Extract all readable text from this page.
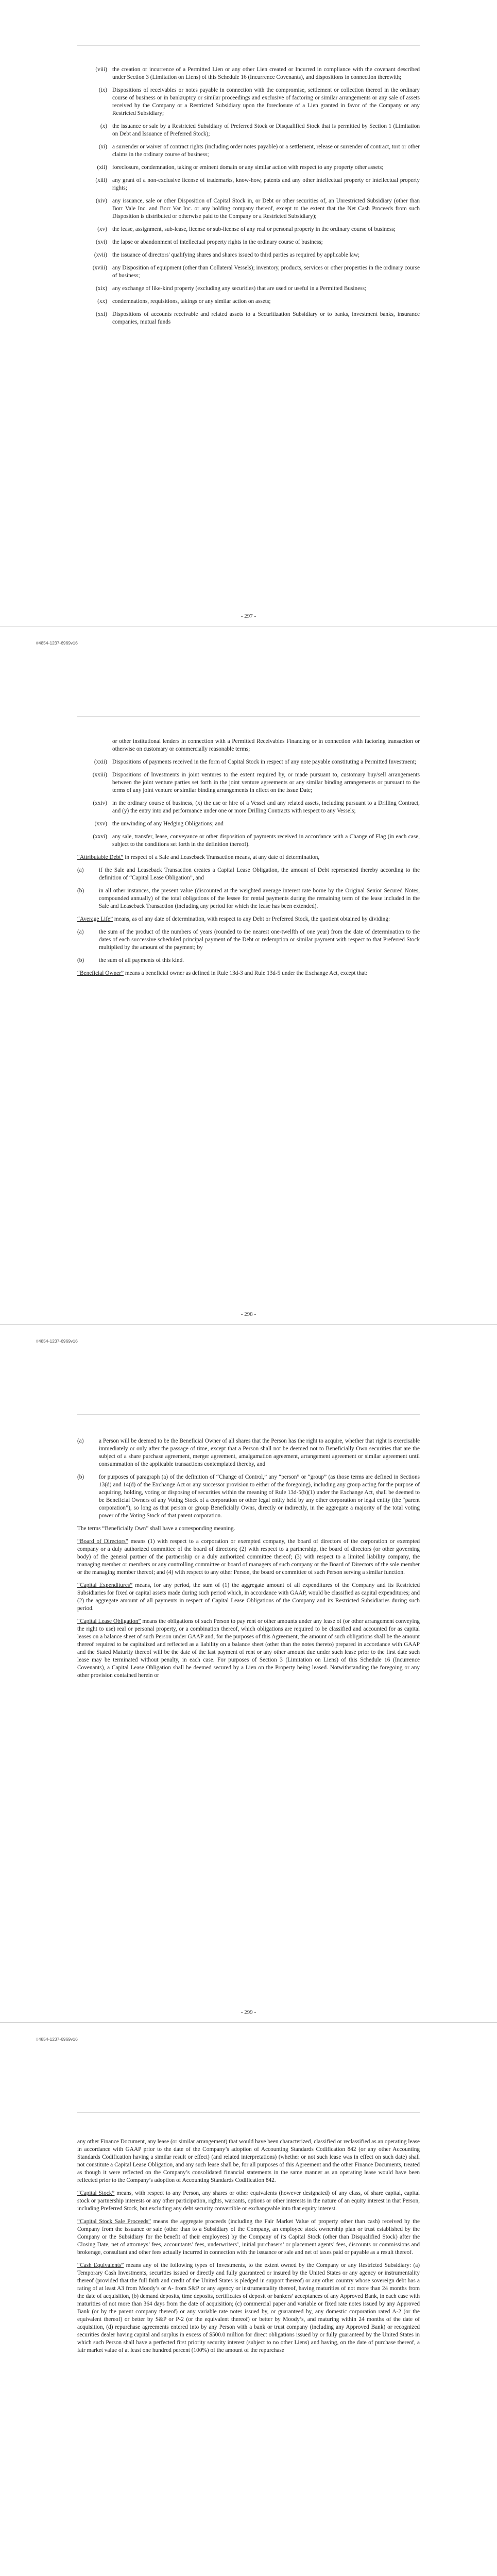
(viii) the creation or incurrence of a Permitted Lien or any other Lien created or Incurred in compliance with the covenant described under Section 3 (Limitation on Liens) of this Schedule 16 (Incurrence Covenants), and dispositions in connection therewith;
(ix) Dispositions of receivables or notes payable in connection with the compromise, settlement or collection thereof in the ordinary course of business or in bankruptcy or similar proceedings and exclusive of factoring or similar arrangements or any sale of assets received by the Company or a Restricted Subsidiary upon the foreclosure of a Lien granted in favor of the Company or any Restricted Subsidiary;
(x) the issuance or sale by a Restricted Subsidiary of Preferred Stock or Disqualified Stock that is permitted by Section 1 (Limitation on Debt and Issuance of Preferred Stock);
(xi) a surrender or waiver of contract rights (including order notes payable) or a settlement, release or surrender of contract, tort or other claims in the ordinary course of business;
(xii) foreclosure, condemnation, taking or eminent domain or any similar action with respect to any property other assets;
(xiii) any grant of a non-exclusive license of trademarks, know-how, patents and any other intellectual property or intellectual property rights;
(xiv) any issuance, sale or other Disposition of Capital Stock in, or Debt or other securities of, an Unrestricted Subsidiary (other than Borr Vale Inc. and Borr Var Inc. or any holding company thereof, except to the extent that the Net Cash Proceeds from such Disposition is distributed or otherwise paid to the Company or a Restricted Subsidiary);
(xv) the lease, assignment, sub-lease, license or sub-license of any real or personal property in the ordinary course of business;
(xvi) the lapse or abandonment of intellectual property rights in the ordinary course of business;
(xvii) the issuance of directors' qualifying shares and shares issued to third parties as required by applicable law;
(xviii) any Disposition of equipment (other than Collateral Vessels); inventory, products, services or other properties in the ordinary course of business;
(xix) any exchange of like-kind property (excluding any securities) that are used or useful in a Permitted Business;
(xx) condemnations, requisitions, takings or any similar action on assets;
(xxi) Dispositions of accounts receivable and related assets to a Securitization Subsidiary or to banks, investment banks, insurance companies, mutual funds
- 297 -
#4854-1237-6969v16
or other institutional lenders in connection with a Permitted Receivables Financing or in connection with factoring transaction or otherwise on customary or commercially reasonable terms;
(xxii) Dispositions of payments received in the form of Capital Stock in respect of any note payable constituting a Permitted Investment;
(xxiii) Dispositions of Investments in joint ventures to the extent required by, or made pursuant to, customary buy/sell arrangements between the joint venture parties set forth in the joint venture agreements or any similar binding arrangements or pursuant to the terms of any joint venture or similar binding arrangements in effect on the Issue Date;
(xxiv) in the ordinary course of business, (x) the use or hire of a Vessel and any related assets, including pursuant to a Drilling Contract, and (y) the entry into and performance under one or more Drilling Contracts with respect to any Vessels;
(xxv) the unwinding of any Hedging Obligations; and
(xxvi) any sale, transfer, lease, conveyance or other disposition of payments received in accordance with a Change of Flag (in each case, subject to the conditions set forth in the definition thereof).
“Attributable Debt” in respect of a Sale and Leaseback Transaction means, at any date of determination,
(a)	if the Sale and Leaseback Transaction creates a Capital Lease Obligation, the amount of Debt represented thereby according to the definition of “Capital Lease Obligation”, and
(b)	in all other instances, the present value (discounted at the weighted average interest rate borne by the Original Senior Secured Notes, compounded annually) of the total obligations of the lessee for rental payments during the remaining term of the lease included in the Sale and Leaseback Transaction (including any period for which the lease has been extended).
“Average Life” means, as of any date of determination, with respect to any Debt or Preferred Stock, the quotient obtained by dividing:
(a)	the sum of the product of the numbers of years (rounded to the nearest one-twelfth of one year) from the date of determination to the dates of each successive scheduled principal payment of the Debt or redemption or similar payment with respect to that Preferred Stock multiplied by the amount of the payment; by
(b)	the sum of all payments of this kind.
“Beneficial Owner” means a beneficial owner as defined in Rule 13d-3 and Rule 13d-5 under the Exchange Act, except that:
- 298 -
#4854-1237-6969v16
(a)	a Person will be deemed to be the Beneficial Owner of all shares that the Person has the right to acquire, whether that right is exercisable immediately or only after the passage of time, except that a Person shall not be deemed not to Beneficially Own securities that are the subject of a share purchase agreement, merger agreement, amalgamation agreement, arrangement agreement or similar agreement until consummation of the applicable transactions contemplated thereby, and
(b)	for purposes of paragraph (a) of the definition of “Change of Control,” any “person” or “group” (as those terms are defined in Sections 13(d) and 14(d) of the Exchange Act or any successor provision to either of the foregoing), including any group acting for the purpose of acquiring, holding, voting or disposing of securities within the meaning of Rule 13d-5(b)(1) under the Exchange Act, shall be deemed to be Beneficial Owners of any Voting Stock of a corporation or other legal entity held by any other corporation or legal entity (the “parent corporation”), so long as that person or group Beneficially Owns, directly or indirectly, in the aggregate a majority of the total voting power of the Voting Stock of that parent corporation.
The terms “Beneficially Own” shall have a corresponding meaning.
“Board of Directors” means (1) with respect to a corporation or exempted company, the board of directors of the corporation or exempted company or a duly authorized committee of the board of directors; (2) with respect to a partnership, the board of directors (or other governing body) of the general partner of the partnership or a duly authorized committee thereof; (3) with respect to a limited liability company, the managing member or members or any controlling committee or board of managers of such company or the Board of Directors of the sole member or the managing member thereof; and (4) with respect to any other Person, the board or committee of such Person serving a similar function.
“Capital Expenditures” means, for any period, the sum of (1) the aggregate amount of all expenditures of the Company and its Restricted Subsidiaries for fixed or capital assets made during such period which, in accordance with GAAP, would be classified as capital expenditures; and (2) the aggregate amount of all payments in respect of Capital Lease Obligations of the Company and its Restricted Subsidiaries during such period.
“Capital Lease Obligation” means the obligations of such Person to pay rent or other amounts under any lease of (or other arrangement conveying the right to use) real or personal property, or a combination thereof, which obligations are required to be classified and accounted for as capital leases on a balance sheet of such Person under GAAP and, for the purposes of this Agreement, the amount of such obligations shall be the amount thereof required to be capitalized and reflected as a liability on a balance sheet (other than the notes thereto) prepared in accordance with GAAP and the Stated Maturity thereof will be the date of the last payment of rent or any other amount due under such lease prior to the first date such lease may be terminated without penalty, in each case. For purposes of Section 3 (Limitation on Liens) of this Schedule 16 (Incurrence Covenants), a Capital Lease Obligation shall be deemed secured by a Lien on the Property being leased. Notwithstanding the foregoing or any other provision contained herein or
- 299 -
#4854-1237-6969v16
any other Finance Document, any lease (or similar arrangement) that would have been characterized, classified or reclassified as an operating lease in accordance with GAAP prior to the date of the Company’s adoption of Accounting Standards Codification 842 (or any other Accounting Standards Codification having a similar result or effect) (and related interpretations) (whether or not such lease was in effect on such date) shall not constitute a Capital Lease Obligation, and any such lease shall be, for all purposes of this Agreement and the other Finance Documents, treated as though it were reflected on the Company’s consolidated financial statements in the same manner as an operating lease would have been reflected prior to the Company’s adoption of Accounting Standards Codification 842.
“Capital Stock” means, with respect to any Person, any shares or other equivalents (however designated) of any class, of share capital, capital stock or partnership interests or any other participation, rights, warrants, options or other interests in the nature of an equity interest in that Person, including Preferred Stock, but excluding any debt security convertible or exchangeable into that equity interest.
“Capital Stock Sale Proceeds” means the aggregate proceeds (including the Fair Market Value of property other than cash) received by the Company from the issuance or sale (other than to a Subsidiary of the Company, an employee stock ownership plan or trust established by the Company or the Subsidiary for the benefit of their employees) by the Company of its Capital Stock (other than Disqualified Stock) after the Closing Date, net of attorneys’ fees, accountants’ fees, underwriters’, initial purchasers’ or placement agents’ fees, discounts or commissions and brokerage, consultant and other fees actually incurred in connection with the issuance or sale and net of taxes paid or payable as a result thereof.
“Cash Equivalents” means any of the following types of Investments, to the extent owned by the Company or any Restricted Subsidiary: (a) Temporary Cash Investments, securities issued or directly and fully guaranteed or insured by the United States or any agency or instrumentality thereof (provided that the full faith and credit of the United States is pledged in support thereof) or any other country whose sovereign debt has a rating of at least A3 from Moody’s or A- from S&P or any agency or instrumentality thereof, having maturities of not more than 24 months from the date of acquisition, (b) demand deposits, time deposits, certificates of deposit or bankers’ acceptances of any Approved Bank, in each case with maturities of not more than 364 days from the date of acquisition; (c) commercial paper and variable or fixed rate notes issued by any Approved Bank (or by the parent company thereof) or any variable rate notes issued by, or guaranteed by, any domestic corporation rated A-2 (or the equivalent thereof) or better by S&P or P-2 (or the equivalent thereof) or better by Moody’s, and maturing within 24 months of the date of acquisition, (d) repurchase agreements entered into by any Person with a bank or trust company (including any Approved Bank) or recognized securities dealer having capital and surplus in excess of $500.0 million for direct obligations issued by or fully guaranteed by the United States in which such Person shall have a perfected first priority security interest (subject to no other Liens) and having, on the date of purchase thereof, a fair market value of at least one hundred percent (100%) of the amount of the repurchase
